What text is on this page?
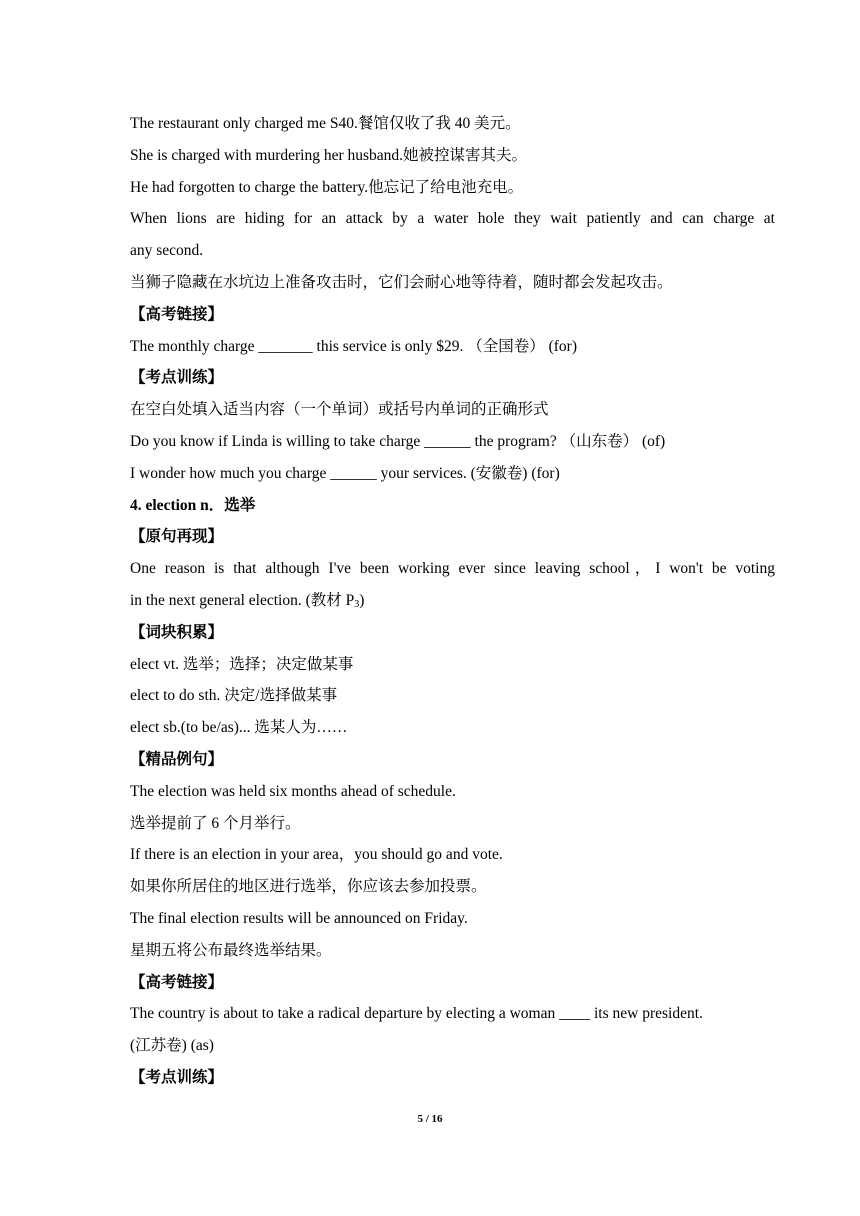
The restaurant only charged me S40.餐馆仅收了我 40 美元。
She is charged with murdering her husband.她被控谋害其夫。
He had forgotten to charge the battery.他忘记了给电池充电。
When lions are hiding for an attack by a water hole they wait patiently and can charge at
any second.
当狮子隐藏在水坑边上准备攻击时，它们会耐心地等待着，随时都会发起攻击。
【高考链接】
The monthly charge _______ this service is only $29. （全国卷） (for)
【考点训练】
在空白处填入适当内容（一个单词）或括号内单词的正确形式
Do you know if Linda is willing to take charge ______ the program? （山东卷） (of)
I wonder how much you charge ______ your services. (安徽卷) (for)
4. election n．选举
【原句再现】
One reason is that although I've been working ever since leaving school，I won't be voting
in the next general election. (教材 $P_3$)
【词块积累】
elect vt. 选举；选择；决定做某事
elect to do sth. 决定/选择做某事
elect sb.(to be/as)... 选某人为……
【精品例句】
The election was held six months ahead of schedule.
选举提前了 6 个月举行。
If there is an election in your area，you should go and vote.
如果你所居住的地区进行选举，你应该去参加投票。
The final election results will be announced on Friday.
星期五将公布最终选举结果。
【高考链接】
The country is about to take a radical departure by electing a woman ____ its new president.
(江苏卷) (as)
【考点训练】
5 / 16
